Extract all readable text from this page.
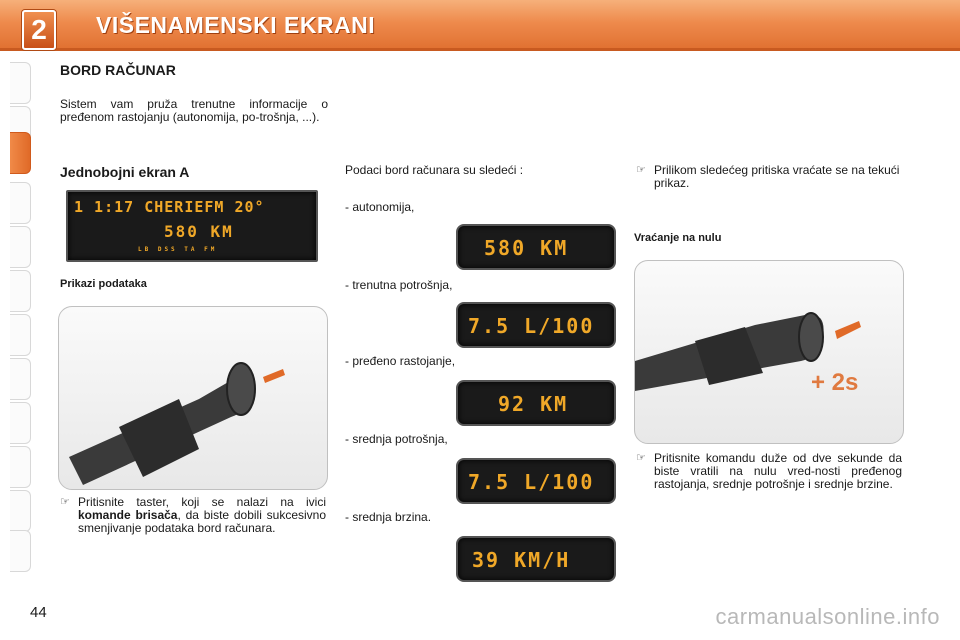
2	VIŠENAMENSKI EKRANI
BORD RAČUNAR
Sistem vam pruža trenutne informacije o pređenom rastojanju (autonomija, po-trošnja, ...).
Jednobojni ekran A
1 1:17 CHERIEFM 20°
580 KM
LB DSS TA FM
Prikazi podataka
☞ Pritisnite taster, koji se nalazi na ivici komande brisača, da biste dobili sukcesivno smenjivanje podataka bord računara.
Podaci bord računara su sledeći :
- autonomija,
580 KM
- trenutna potrošnja,
7.5 L/100
- pređeno rastojanje,
92 KM
- srednja potrošnja,
7.5 L/100
- srednja brzina.
39 KM/H
☞ Prilikom sledećeg pritiska vraćate se na tekući prikaz.
Vraćanje na nulu
+ 2s
☞ Pritisnite komandu duže od dve sekunde da biste vratili na nulu vred-nosti pređenog rastojanja, srednje potrošnje i srednje brzine.
44	carmanualsonline.info
